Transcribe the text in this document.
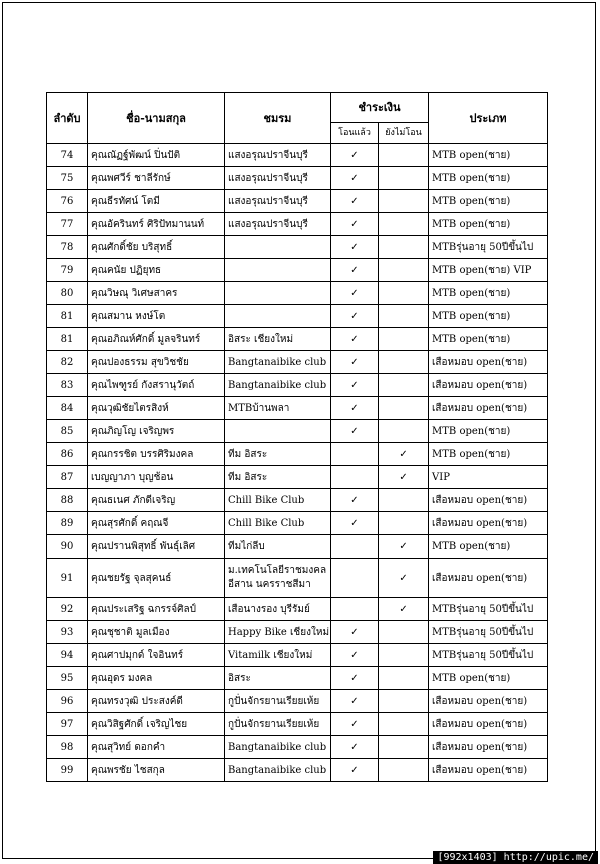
ลำดับ	ชื่อ-นามสกุล	ชมรม	ชำระเงิน		ประเภท
			โอนแล้ว	ยังไม่โอน	
74	คุณณัฏฐ์พัฒน์ ปิ่นปัติ	แสงอรุณปราจีนบุรี	✓		MTB open(ชาย)
75	คุณพศวีร์ ชาลีรักษ์	แสงอรุณปราจีนบุรี	✓		MTB open(ชาย)
76	คุณธีรทัศน์ โตมี	แสงอรุณปราจีนบุรี	✓		MTB open(ชาย)
77	คุณอัครินทร์ ศิริปัทมานนท์	แสงอรุณปราจีนบุรี	✓		MTB open(ชาย)
78	คุณศักดิ์ชัย บริสุทธิ์		✓		MTBรุ่นอายุ 50ปีขึ้นไป
79	คุณคนัย ปฏิยุทธ		✓		MTB open(ชาย) VIP
80	คุณวิษณุ วิเศษสาคร		✓		MTB open(ชาย)
81	คุณสมาน หงษ์โต		✓		MTB open(ชาย)
81	คุณอภิณห์ศักดิ์ มูลจรินทร์	อิสระ เชียงใหม่	✓		MTB open(ชาย)
82	คุณปองธรรม สุขวิชชัย	Bangtanaibike club	✓		เสือหมอบ open(ชาย)
83	คุณไพฑูรย์ กังสรานุวัตถ์	Bangtanaibike club	✓		เสือหมอบ open(ชาย)
84	คุณวุฒิชัยไตรสิงห์	MTBบ้านพลา	✓		เสือหมอบ open(ชาย)
85	คุณภิญโญ เจริญพร		✓		MTB open(ชาย)
86	คุณกรรชิต บรรศิริมงคล	ทีม อิสระ		✓	MTB open(ชาย)
87	เบญญาภา บุญช้อน	ทีม อิสระ		✓	VIP
88	คุณธเนศ ภักดีเจริญ	Chill Bike Club	✓		เสือหมอบ open(ชาย)
89	คุณสุรศักดิ์ คฤณจี	Chill Bike Club	✓		เสือหมอบ open(ชาย)
90	คุณปรานพิสุทธิ์ พันธุ์เลิศ	ทีมไก่ลีบ		✓	MTB open(ชาย)
91	คุณชยรัฐ จุลสุคนธ์	ม.เทคโนโลยีราชมงคล
อีสาน นครราชสีมา		✓	เสือหมอบ open(ชาย)
92	คุณประเสริฐ ฉกรรจ์ศิลป์	เสือนางรอง บุรีรัมย์		✓	MTBรุ่นอายุ 50ปีขึ้นไป
93	คุณชุชาติ มูลเมือง	Happy Bike เชียงใหม่	✓		MTBรุ่นอายุ 50ปีขึ้นไป
94	คุณศาปมุกด์ ใจอินทร์	Vitamilk เชียงใหม่	✓		MTBรุ่นอายุ 50ปีขึ้นไป
95	คุณอุดร มงคล	อิสระ	✓		MTB open(ชาย)
96	คุณทรงวุฒิ ประสงค์ดี	กูปั่นจักรยานเรียยเห้ย	✓		เสือหมอบ open(ชาย)
97	คุณวิสิฐศักดิ์ เจริญไชย	กูปั่นจักรยานเรียยเห้ย	✓		เสือหมอบ open(ชาย)
98	คุณสุวิทย์ ดอกคำ	Bangtanaibike club	✓		เสือหมอบ open(ชาย)
99	คุณพรชัย ไชสกุล	Bangtanaibike club	✓		เสือหมอบ open(ชาย)
[992x1403] http://upic.me/
